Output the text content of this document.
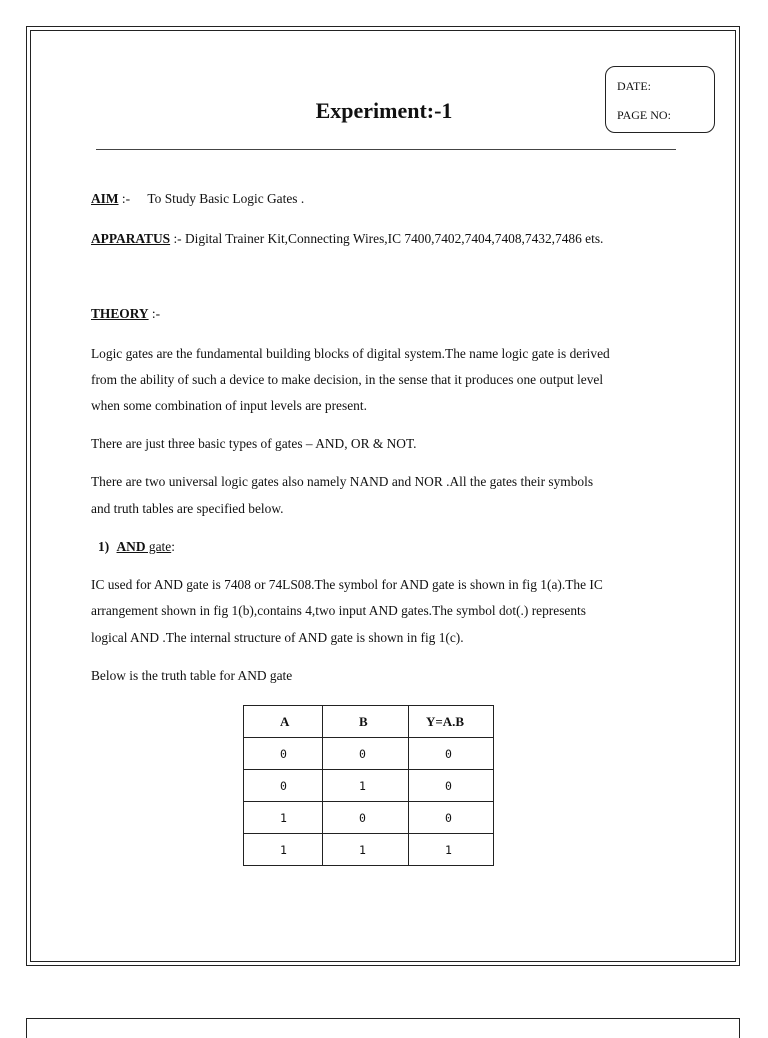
DATE:
PAGE NO:
Experiment:-1
AIM :- To Study Basic Logic Gates .
APPARATUS :- Digital Trainer Kit,Connecting Wires,IC 7400,7402,7404,7408,7432,7486 ets.
THEORY :-
Logic gates are the fundamental building blocks of digital system.The name logic gate is derived
from the ability of such a device to make decision, in the sense that it produces one output level
when some combination of input levels are present.
There are just three basic types of gates – AND, OR & NOT.
There are two universal logic gates also namely NAND and NOR .All the gates their symbols
and truth tables are specified below.
1) AND gate:
IC used for AND gate is 7408 or 74LS08.The symbol for AND gate is shown in fig 1(a).The IC
arrangement shown in fig 1(b),contains 4,two input AND gates.The symbol dot(.) represents
logical AND .The internal structure of AND gate is shown in fig 1(c).
Below is the truth table for AND gate
A	B	Y=A.B
0	0	0
0	1	0
1	0	0
1	1	1
